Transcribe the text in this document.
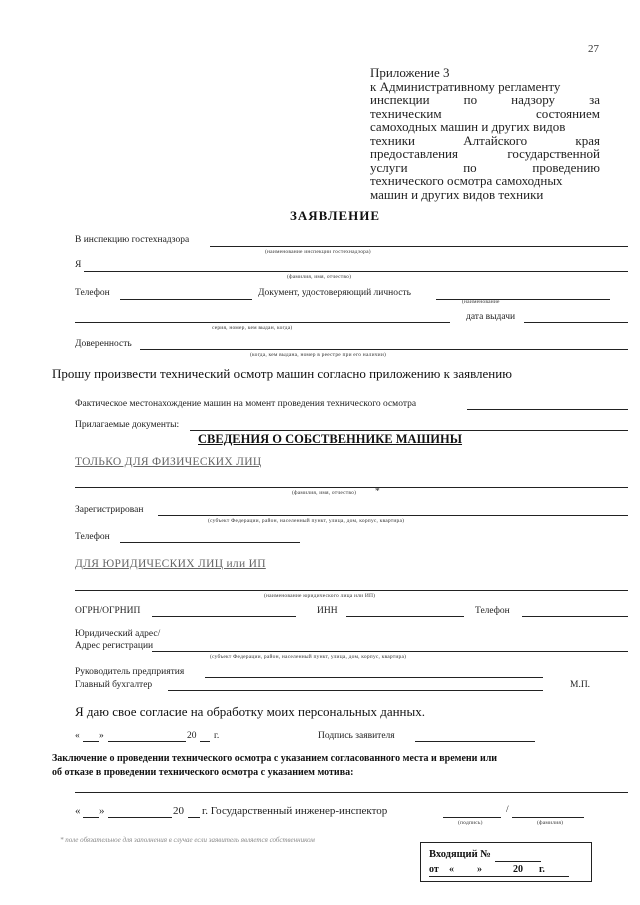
27
Приложение 3
к Административному регламенту
инспекции	по	надзору	за
техническим	состоянием
самоходных машин и других видов
техники	Алтайского	края
предоставления	государственной
услуги	по	проведению
технического осмотра самоходных
машин и других видов техники
ЗАЯВЛЕНИЕ
В инспекцию гостехнадзора
(наименование инспекции гостехнадзора)
Я
(фамилия, имя, отчество)
Телефон	Документ, удостоверяющий личность
(наименование
серия, номер, кем выдан, когда)
дата выдачи
Доверенность
(когда, кем выдана, номер в реестре при его наличии)
Прошу произвести технический осмотр машин согласно приложению к заявлению
Фактическое местонахождение машин на момент проведения технического осмотра
Прилагаемые документы:
СВЕДЕНИЯ О СОБСТВЕННИКЕ МАШИНЫ
ТОЛЬКО ДЛЯ ФИЗИЧЕСКИХ ЛИЦ
(фамилия, имя, отчество) *
Зарегистрирован
(субъект Федерации, район, населенный пункт, улица, дом, корпус, квартира)
Телефон
ДЛЯ ЮРИДИЧЕСКИХ ЛИЦ или ИП
(наименование юридического лица или ИП)
ОГРН/ОГРНИП	ИНН	Телефон
Юридический адрес/
Адрес регистрации
(субъект Федерации, район, населенный пункт, улица, дом, корпус, квартира)
Руководитель предприятия
Главный бухгалтер	М.П.
Я даю свое согласие на обработку моих персональных данных.
« »	20 г.	Подпись заявителя
Заключение о проведении технического осмотра с указанием согласованного места и времени или
об отказе в проведении технического осмотра с указанием мотива:
« »	20 г. Государственный инженер-инспектор	/
(подпись)	(фамилия)
* поле обязательное для заполнения в случае если заявитель является собственником
Входящий №
от « »	20 г.
